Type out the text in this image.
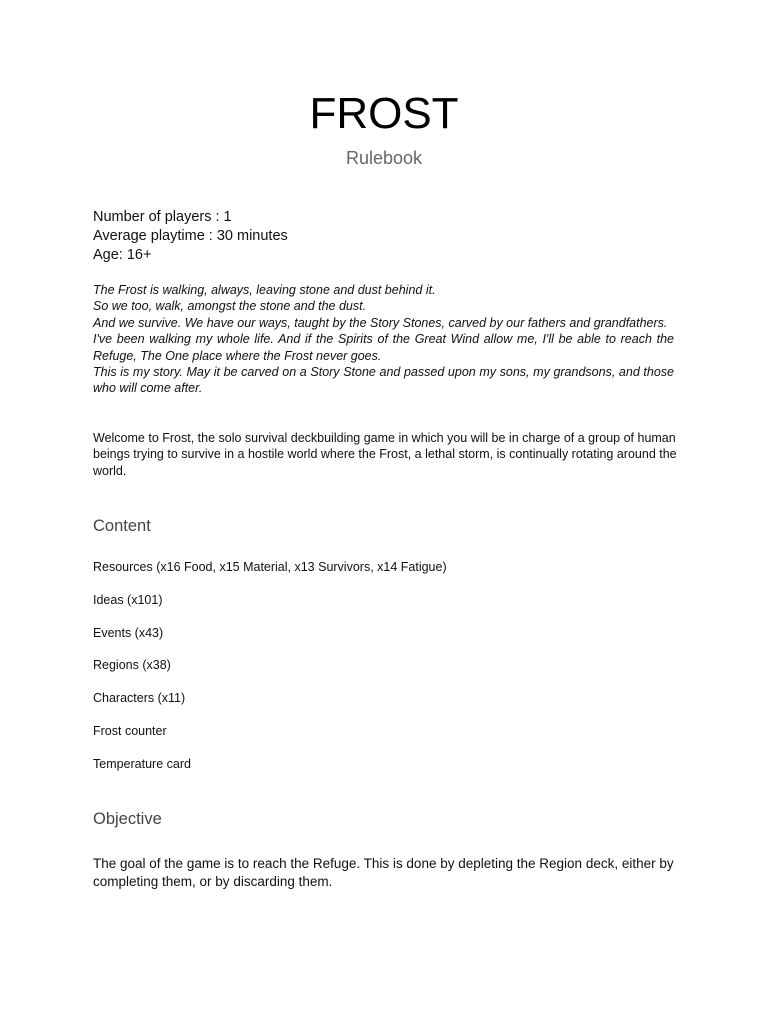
FROST
Rulebook
Number of players : 1
Average playtime : 30 minutes
Age: 16+

The Frost is walking, always, leaving stone and dust behind it.

So we too, walk, amongst the stone and the dust.

And we survive. We have our ways, taught by the Story Stones, carved by our fathers and grandfathers.

I've been walking my whole life. And if the Spirits of the Great Wind allow me, I'll be able to reach the Refuge, The One place where the Frost never goes.

This is my story. May it be carved on a Story Stone and passed upon my sons, my grandsons, and those who will come after.

Welcome to Frost, the solo survival deckbuilding game in which you will be in charge of a group of human beings trying to survive in a hostile world where the Frost, a lethal storm, is continually rotating around the world.

Content
Resources (x16 Food, x15 Material, x13 Survivors, x14 Fatigue)
Ideas (x101)
Events (x43)
Regions (x38)
Characters (x11)
Frost counter
Temperature card
Objective

The goal of the game is to reach the Refuge. This is done by depleting the Region deck, either by completing them, or by discarding them.
